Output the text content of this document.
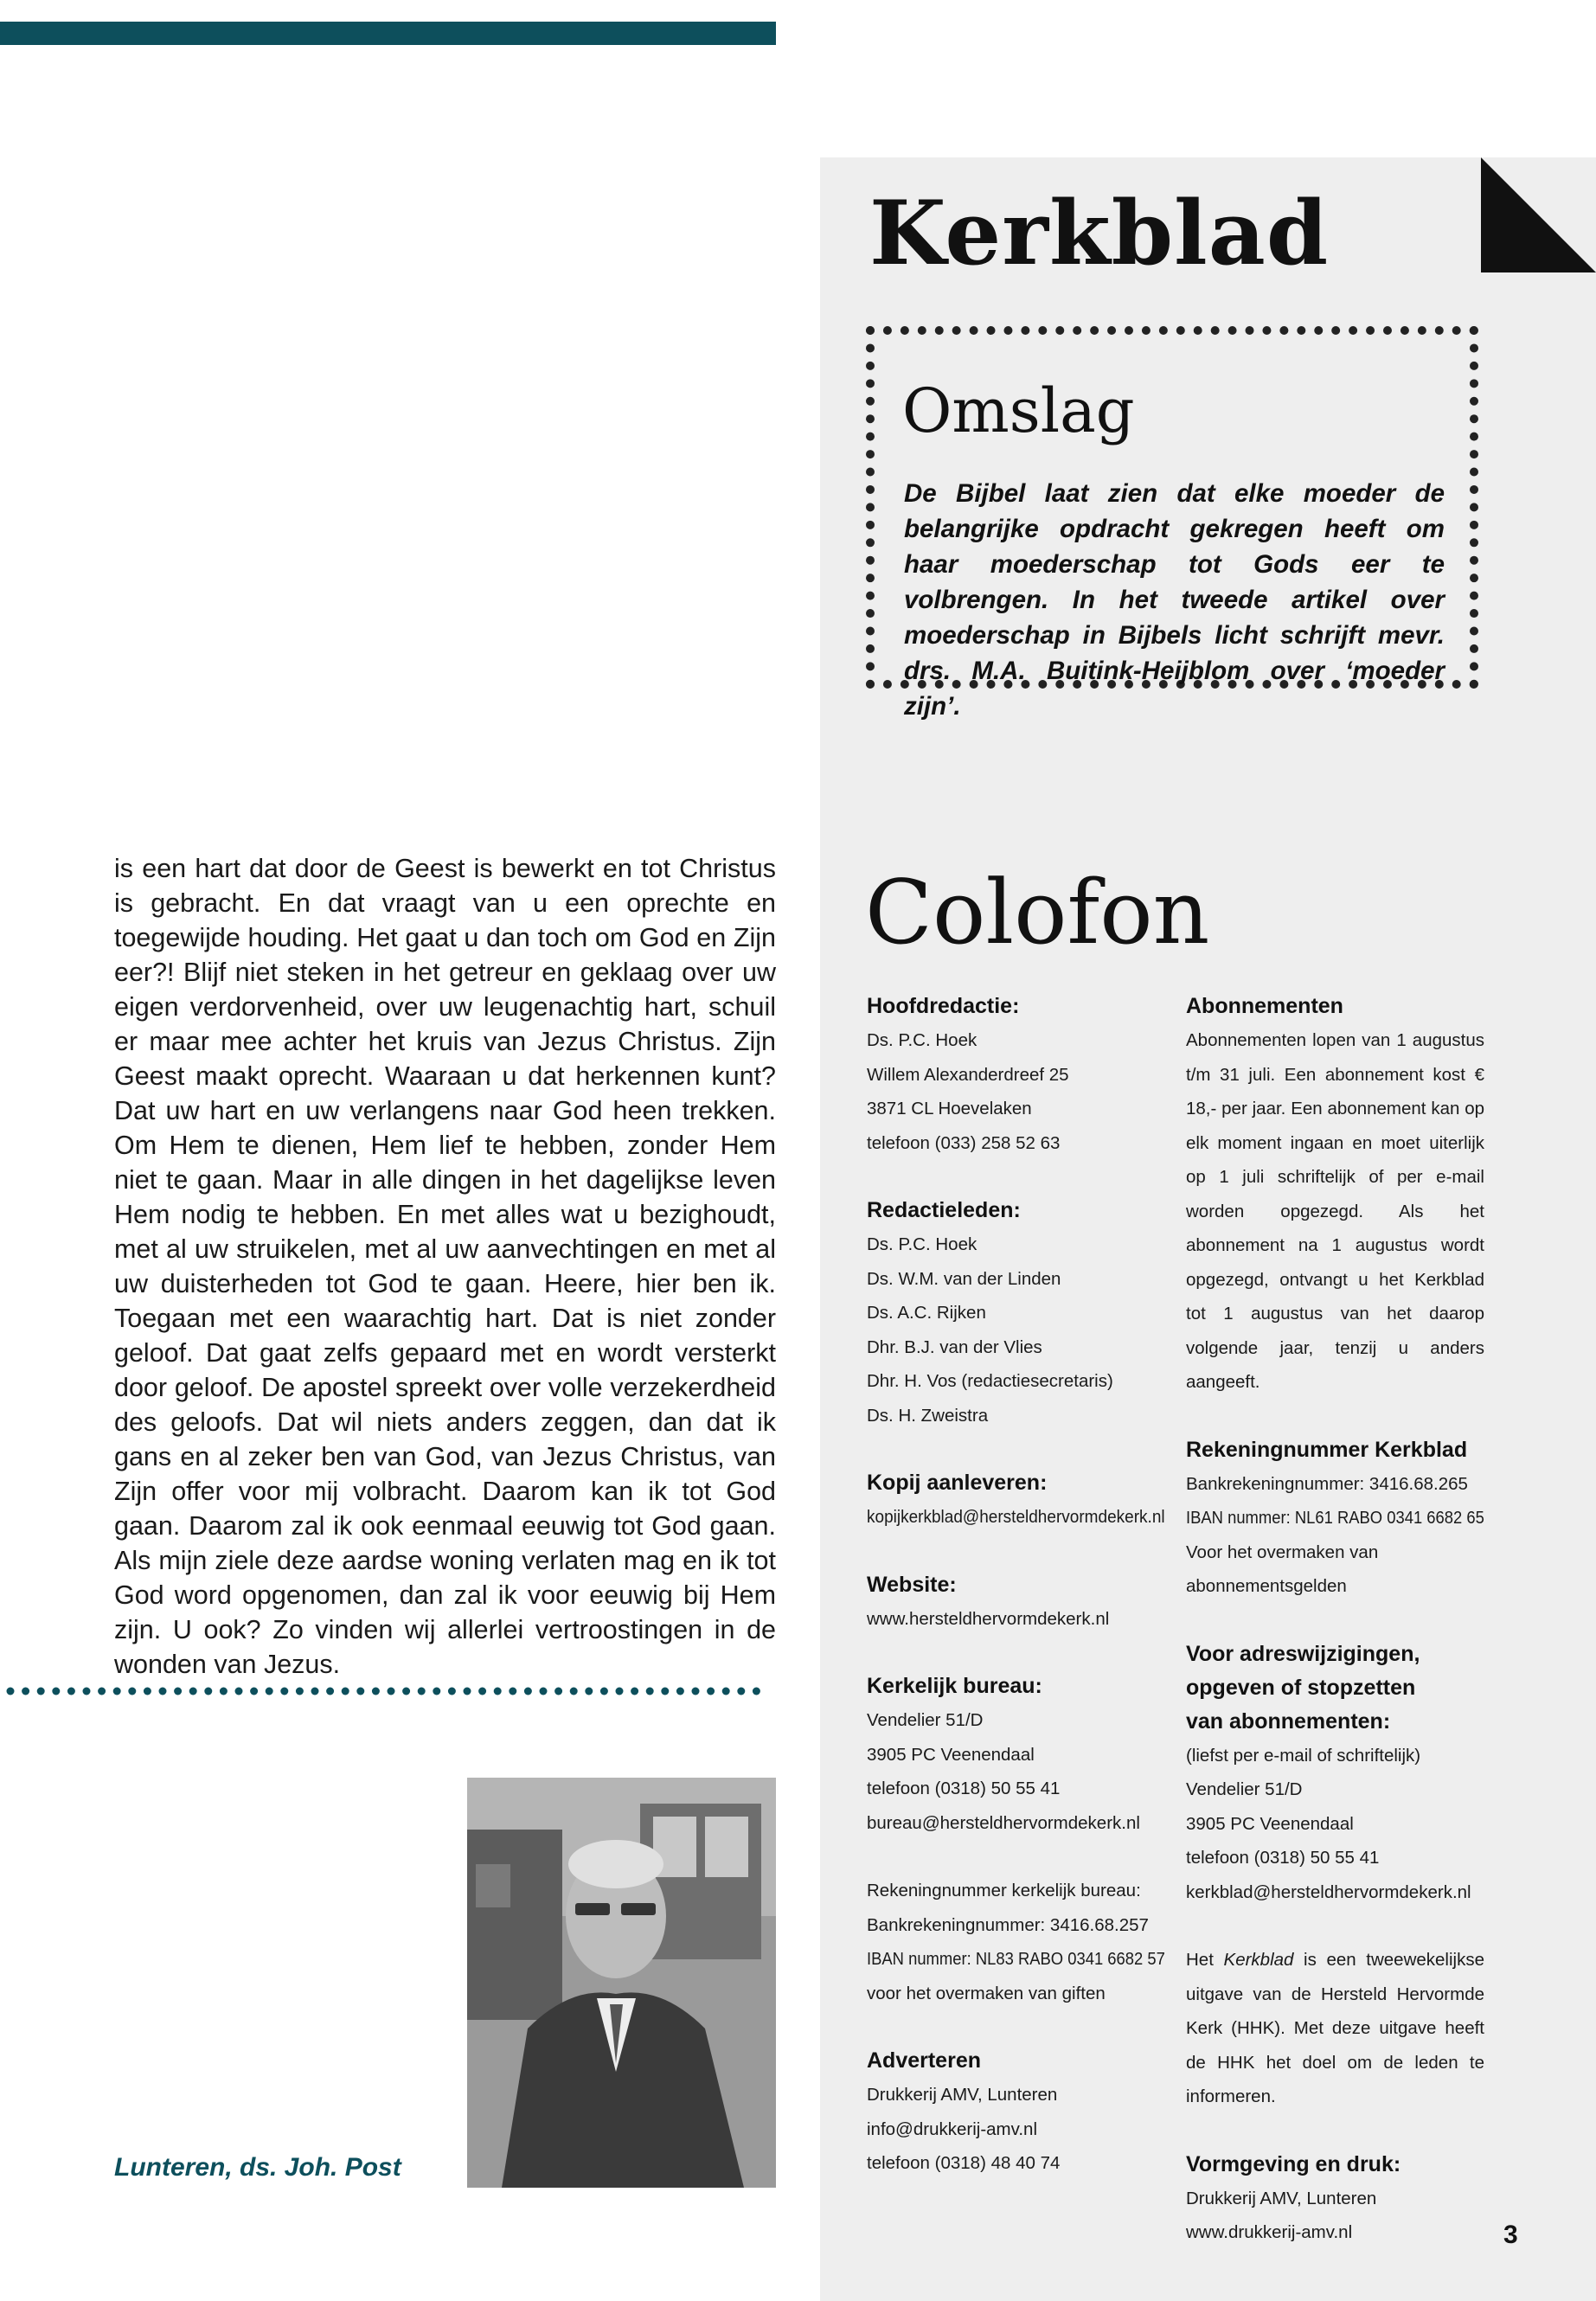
Kerkblad
Omslag

De Bijbel laat zien dat elke moeder de belangrijke opdracht gekregen heeft om haar moederschap tot Gods eer te volbrengen. In het tweede artikel over moederschap in Bijbels licht schrijft mevr. drs. M.A. Buitink-Heijblom over ‘moeder zijn’.

is een hart dat door de Geest is bewerkt en tot Christus is gebracht. En dat vraagt van u een oprechte en toegewijde houding. Het gaat u dan toch om God en Zijn eer?! Blijf niet steken in het getreur en geklaag over uw eigen verdorvenheid, over uw leugenachtig hart, schuil er maar mee achter het kruis van Jezus Christus. Zijn Geest maakt oprecht. Waaraan u dat herkennen kunt? Dat uw hart en uw verlangens naar God heen trekken. Om Hem te dienen, Hem lief te hebben, zonder Hem niet te gaan. Maar in alle dingen in het dagelijkse leven Hem nodig te hebben. En met alles wat u bezighoudt, met al uw struikelen, met al uw aanvechtingen en met al uw duisterheden tot God te gaan. Heere, hier ben ik. Toegaan met een waarachtig hart. Dat is niet zonder geloof. Dat gaat zelfs gepaard met en wordt versterkt door geloof. De apostel spreekt over volle verzekerdheid des geloofs. Dat wil niets anders zeggen, dan dat ik gans en al zeker ben van God, van Jezus Christus, van Zijn offer voor mij volbracht. Daarom kan ik tot God gaan. Daarom zal ik ook eenmaal eeuwig tot God gaan. Als mijn ziele deze aardse woning verlaten mag en ik tot God word opgenomen, dan zal ik voor eeuwig bij Hem zijn. U ook? Zo vinden wij allerlei vertroostingen in de wonden van Jezus.

Lunteren, ds. Joh. Post

Colofon
Hoofdredactie:
Ds. P.C. Hoek
Willem Alexanderdreef 25
3871 CL Hoevelaken
telefoon (033) 258 52 63
Redactieleden:
Ds. P.C. Hoek
Ds. W.M. van der Linden
Ds. A.C. Rijken
Dhr. B.J. van der Vlies
Dhr. H. Vos (redactiesecretaris)
Ds. H. Zweistra
Kopij aanleveren:
kopijkerkblad@hersteldhervormdekerk.nl
Website:
www.hersteldhervormdekerk.nl
Kerkelijk bureau:
Vendelier 51/D
3905 PC Veenendaal
telefoon (0318) 50 55 41
bureau@hersteldhervormdekerk.nl
Rekeningnummer kerkelijk bureau:
Bankrekeningnummer: 3416.68.257
IBAN nummer: NL83 RABO 0341 6682 57
voor het overmaken van giften
Adverteren
Drukkerij AMV, Lunteren
info@drukkerij-amv.nl
telefoon (0318) 48 40 74
Abonnementen
Abonnementen lopen van 1 augustus t/m 31 juli. Een abonnement kost € 18,- per jaar. Een abonnement kan op elk moment ingaan en moet uiterlijk op 1 juli schriftelijk of per e-mail worden opgezegd. Als het abonnement na 1 augustus wordt opgezegd, ontvangt u het Kerkblad tot 1 augustus van het daarop volgende jaar, tenzij u anders aangeeft.
Rekeningnummer Kerkblad
Bankrekeningnummer: 3416.68.265
IBAN nummer: NL61 RABO 0341 6682 65
Voor het overmaken van
abonnementsgelden
Voor adreswijzigingen, opgeven of stopzetten van abonnementen:
(liefst per e-mail of schriftelijk)
Vendelier 51/D
3905 PC Veenendaal
telefoon (0318) 50 55 41
kerkblad@hersteldhervormdekerk.nl
Het Kerkblad is een tweewekelijkse uitgave van de Hersteld Hervormde Kerk (HHK). Met deze uitgave heeft de HHK het doel om de leden te informeren.
Vormgeving en druk:
Drukkerij AMV, Lunteren
www.drukkerij-amv.nl	3
